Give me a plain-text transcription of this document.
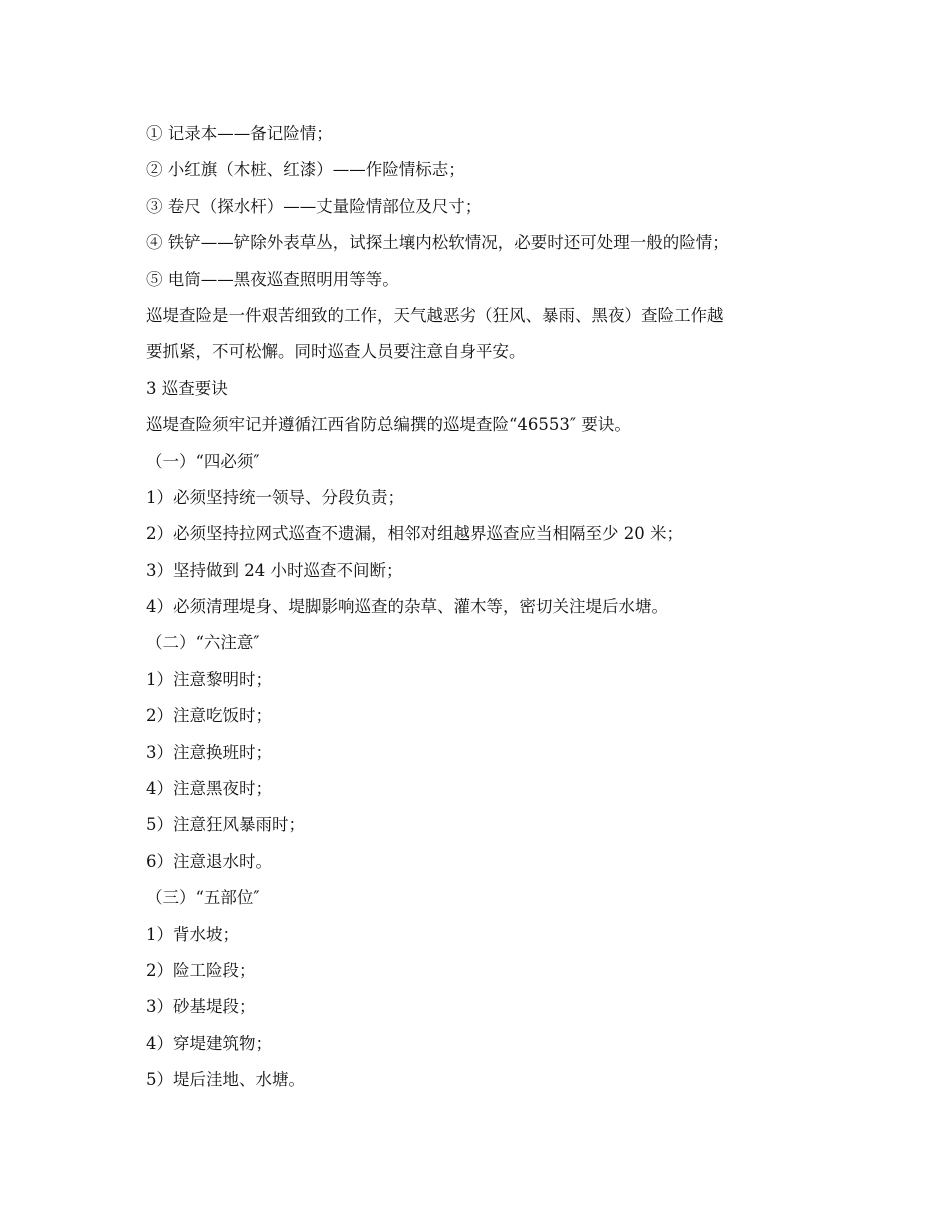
① 记录本——备记险情；
② 小红旗（木桩、红漆）——作险情标志；
③ 卷尺（探水杆）——丈量险情部位及尺寸；
④ 铁铲——铲除外表草丛，试探土壤内松软情况，必要时还可处理一般的险情；
⑤ 电筒——黑夜巡查照明用等等。
巡堤查险是一件艰苦细致的工作，天气越恶劣（狂风、暴雨、黑夜）查险工作越
要抓紧，不可松懈。同时巡查人员要注意自身平安。
3 巡查要诀
巡堤查险须牢记并遵循江西省防总编撰的巡堤查险“46553″ 要诀。
（一）“四必须″
1）必须坚持统一领导、分段负责；
2）必须坚持拉网式巡查不遗漏，相邻对组越界巡查应当相隔至少 20 米；
3）坚持做到 24 小时巡查不间断；
4）必须清理堤身、堤脚影响巡查的杂草、灌木等，密切关注堤后水塘。
（二）“六注意″
1）注意黎明时；
2）注意吃饭时；
3）注意换班时；
4）注意黑夜时；
5）注意狂风暴雨时；
6）注意退水时。
（三）“五部位″
1）背水坡；
2）险工险段；
3）砂基堤段；
4）穿堤建筑物；
5）堤后洼地、水塘。
